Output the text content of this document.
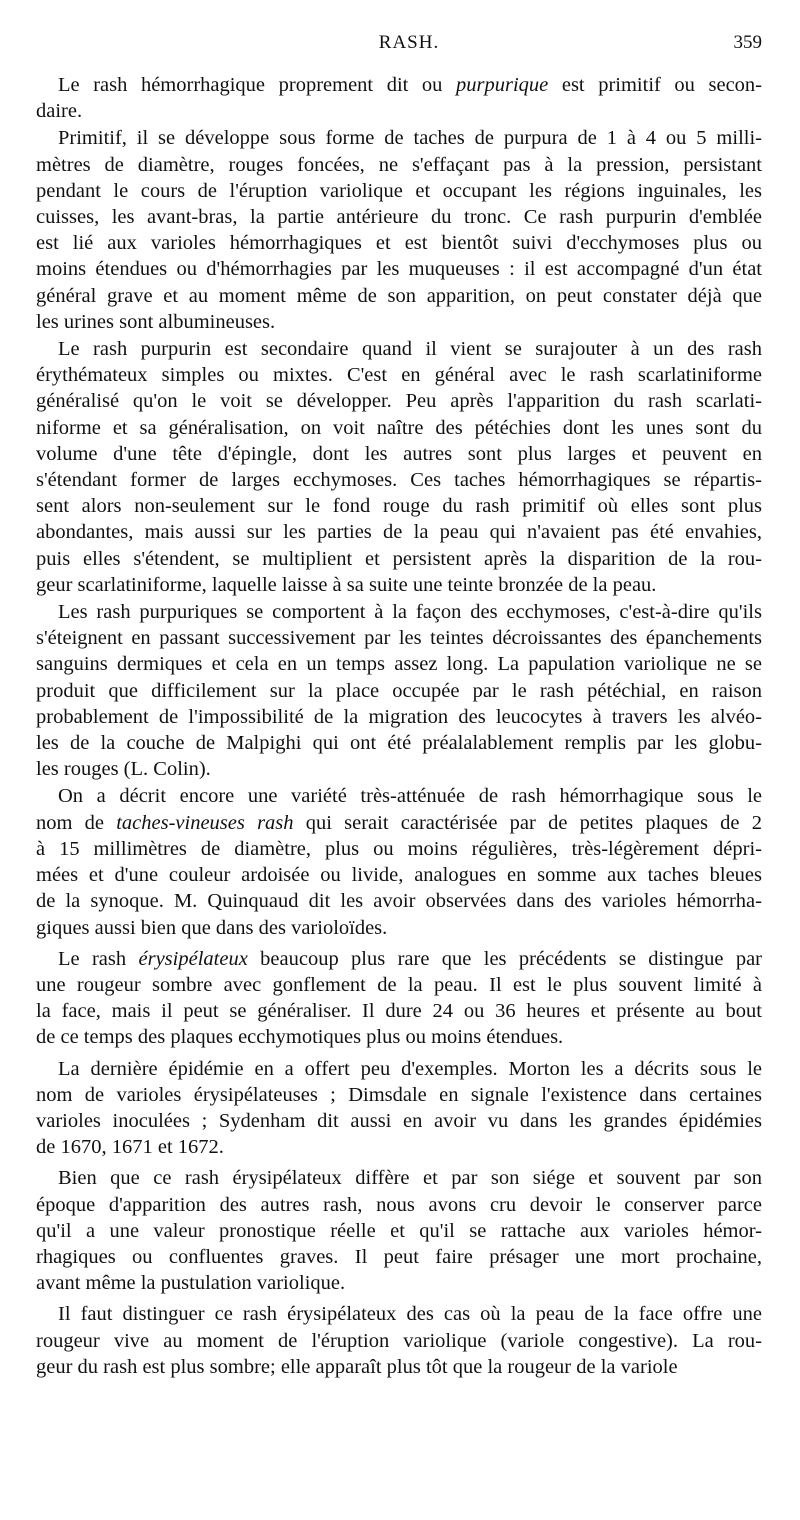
RASH.	359
Le rash hémorrhagique proprement dit ou purpurique est primitif ou secon-
daire.
Primitif, il se développe sous forme de taches de purpura de 1 à 4 ou 5 milli-
mètres de diamètre, rouges foncées, ne s'effaçant pas à la pression, persistant
pendant le cours de l'éruption variolique et occupant les régions inguinales, les
cuisses, les avant-bras, la partie antérieure du tronc. Ce rash purpurin d'emblée
est lié aux varioles hémorrhagiques et est bientôt suivi d'ecchymoses plus ou
moins étendues ou d'hémorrhagies par les muqueuses : il est accompagné d'un état
général grave et au moment même de son apparition, on peut constater déjà que
les urines sont albumineuses.
Le rash purpurin est secondaire quand il vient se surajouter à un des rash
érythémateux simples ou mixtes. C'est en général avec le rash scarlatiniforme
généralisé qu'on le voit se développer. Peu après l'apparition du rash scarlati-
niforme et sa généralisation, on voit naître des pétéchies dont les unes sont du
volume d'une tête d'épingle, dont les autres sont plus larges et peuvent en
s'étendant former de larges ecchymoses. Ces taches hémorrhagiques se répartis-
sent alors non-seulement sur le fond rouge du rash primitif où elles sont plus
abondantes, mais aussi sur les parties de la peau qui n'avaient pas été envahies,
puis elles s'étendent, se multiplient et persistent après la disparition de la rou-
geur scarlatiniforme, laquelle laisse à sa suite une teinte bronzée de la peau.
Les rash purpuriques se comportent à la façon des ecchymoses, c'est-à-dire qu'ils
s'éteignent en passant successivement par les teintes décroissantes des épanchements
sanguins dermiques et cela en un temps assez long. La papulation variolique ne se
produit que difficilement sur la place occupée par le rash pétéchial, en raison
probablement de l'impossibilité de la migration des leucocytes à travers les alvéo-
les de la couche de Malpighi qui ont été préalalablement remplis par les globu-
les rouges (L. Colin).
On a décrit encore une variété très-atténuée de rash hémorrhagique sous le
nom de taches-vineuses rash qui serait caractérisée par de petites plaques de 2
à 15 millimètres de diamètre, plus ou moins régulières, très-légèrement dépri-
mées et d'une couleur ardoisée ou livide, analogues en somme aux taches bleues
de la synoque. M. Quinquaud dit les avoir observées dans des varioles hémorrha-
giques aussi bien que dans des varioloïdes.
Le rash érysipélateux beaucoup plus rare que les précédents se distingue par
une rougeur sombre avec gonflement de la peau. Il est le plus souvent limité à
la face, mais il peut se généraliser. Il dure 24 ou 36 heures et présente au bout
de ce temps des plaques ecchymotiques plus ou moins étendues.
La dernière épidémie en a offert peu d'exemples. Morton les a décrits sous le
nom de varioles érysipélateuses ; Dimsdale en signale l'existence dans certaines
varioles inoculées ; Sydenham dit aussi en avoir vu dans les grandes épidémies
de 1670, 1671 et 1672.
Bien que ce rash érysipélateux diffère et par son siége et souvent par son
époque d'apparition des autres rash, nous avons cru devoir le conserver parce
qu'il a une valeur pronostique réelle et qu'il se rattache aux varioles hémor-
rhagiques ou confluentes graves. Il peut faire présager une mort prochaine,
avant même la pustulation variolique.
Il faut distinguer ce rash érysipélateux des cas où la peau de la face offre une
rougeur vive au moment de l'éruption variolique (variole congestive). La rou-
geur du rash est plus sombre; elle apparaît plus tôt que la rougeur de la variole
